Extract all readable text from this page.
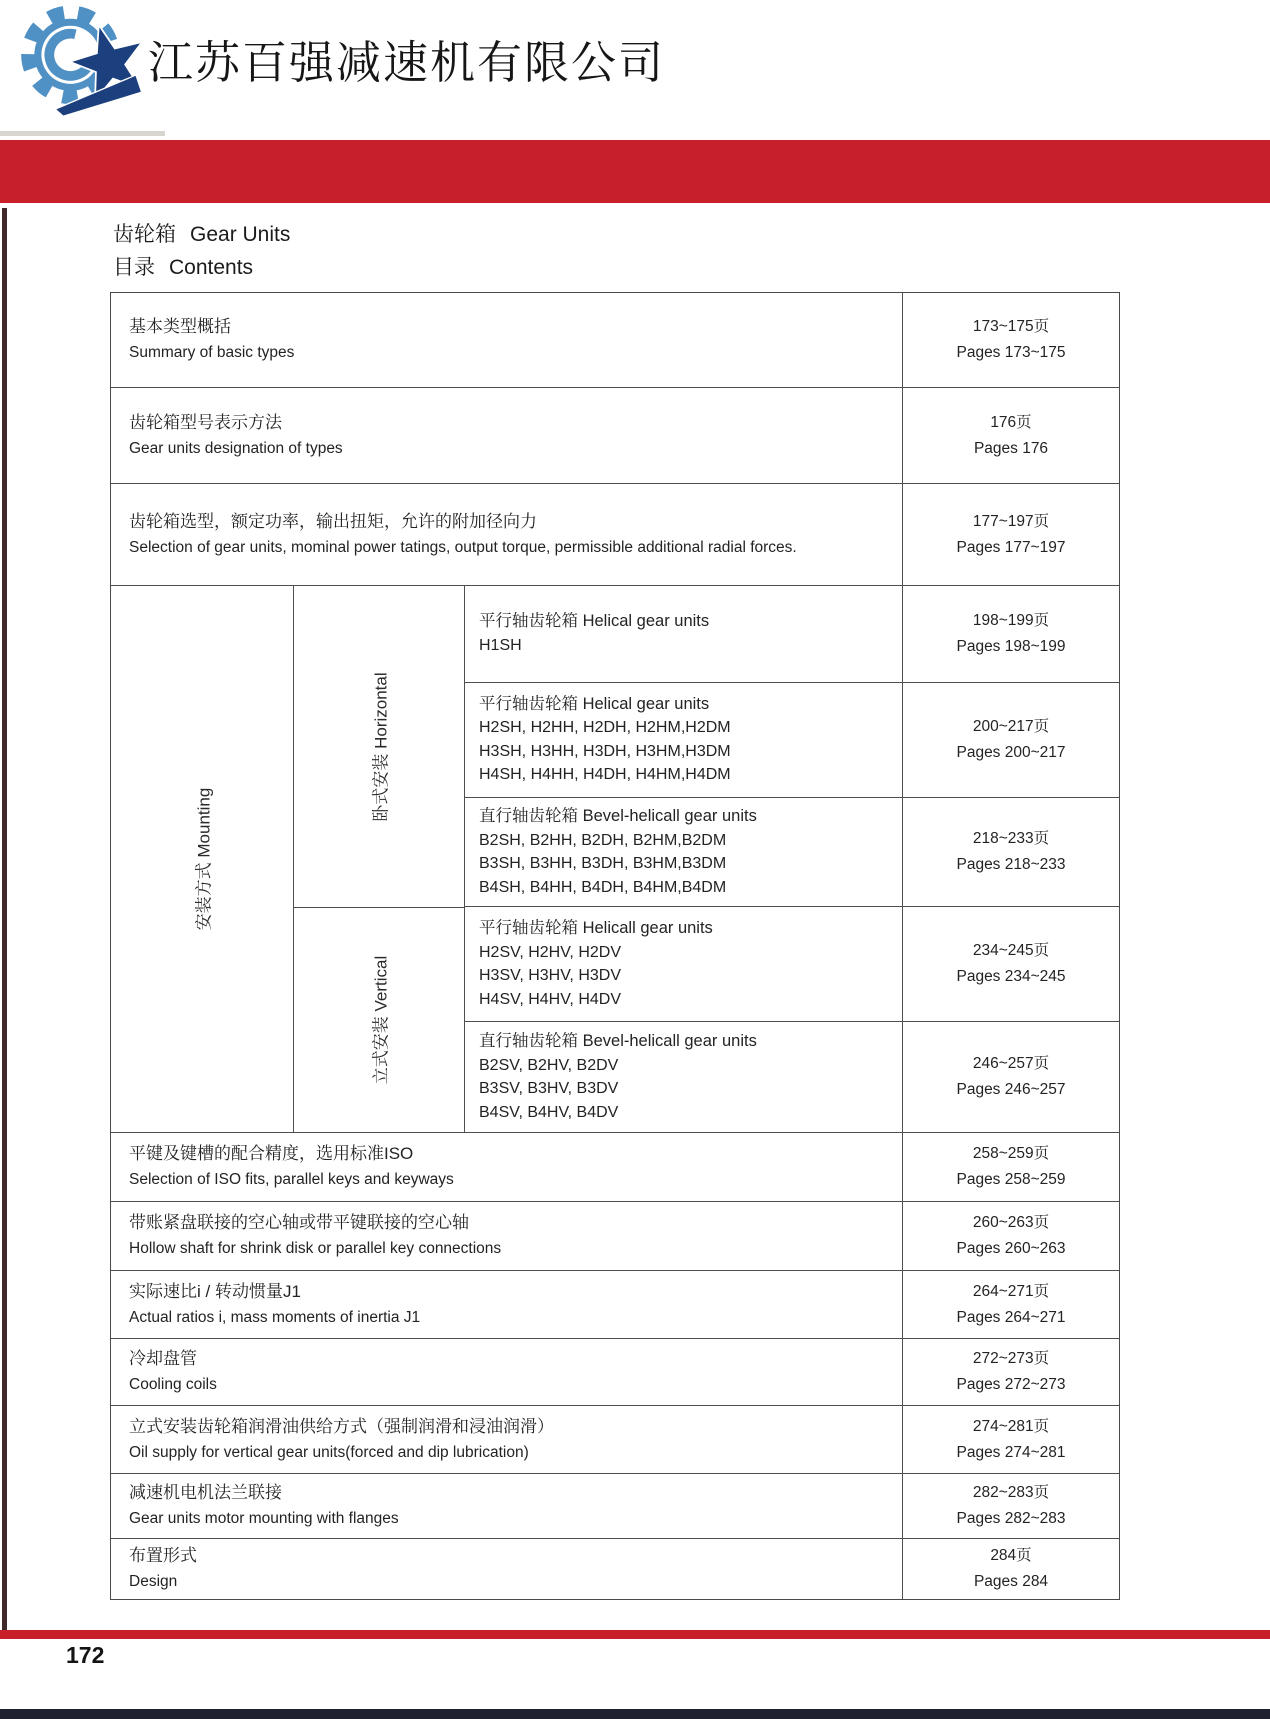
江苏百强减速机有限公司
齿轮箱 Gear Units
目录 Contents
基本类型概括
Summary of basic types
173~175页
Pages 173~175
齿轮箱型号表示方法
Gear units designation of types
176页
Pages 176
齿轮箱选型，额定功率，输出扭矩，允许的附加径向力
Selection of gear units, mominal power tatings, output torque, permissible additional radial forces.
177~197页
Pages 177~197
安装方式 Mounting
卧式安装 Horizontal
立式安装 Vertical
平行轴齿轮箱 Helical gear units
H1SH
198~199页
Pages 198~199
平行轴齿轮箱 Helical gear units
H2SH, H2HH, H2DH, H2HM,H2DM
H3SH, H3HH, H3DH, H3HM,H3DM
H4SH, H4HH, H4DH, H4HM,H4DM
200~217页
Pages 200~217
直行轴齿轮箱 Bevel-helicall gear units
B2SH, B2HH, B2DH, B2HM,B2DM
B3SH, B3HH, B3DH, B3HM,B3DM
B4SH, B4HH, B4DH, B4HM,B4DM
218~233页
Pages 218~233
平行轴齿轮箱 Helicall gear units
H2SV, H2HV, H2DV
H3SV, H3HV, H3DV
H4SV, H4HV, H4DV
234~245页
Pages 234~245
直行轴齿轮箱 Bevel-helicall gear units
B2SV, B2HV, B2DV
B3SV, B3HV, B3DV
B4SV, B4HV, B4DV
246~257页
Pages 246~257
平键及键槽的配合精度，选用标准ISO
Selection of ISO fits, parallel keys and keyways
258~259页
Pages 258~259
带账紧盘联接的空心轴或带平键联接的空心轴
Hollow shaft for shrink disk or parallel key connections
260~263页
Pages 260~263
实际速比i / 转动惯量J1
Actual ratios i, mass moments of inertia J1
264~271页
Pages 264~271
冷却盘管
Cooling coils
272~273页
Pages 272~273
立式安装齿轮箱润滑油供给方式（强制润滑和浸油润滑）
Oil supply for vertical gear units(forced and dip lubrication)
274~281页
Pages 274~281
减速机电机法兰联接
Gear units motor mounting with flanges
282~283页
Pages 282~283
布置形式
Design
284页
Pages 284
172
